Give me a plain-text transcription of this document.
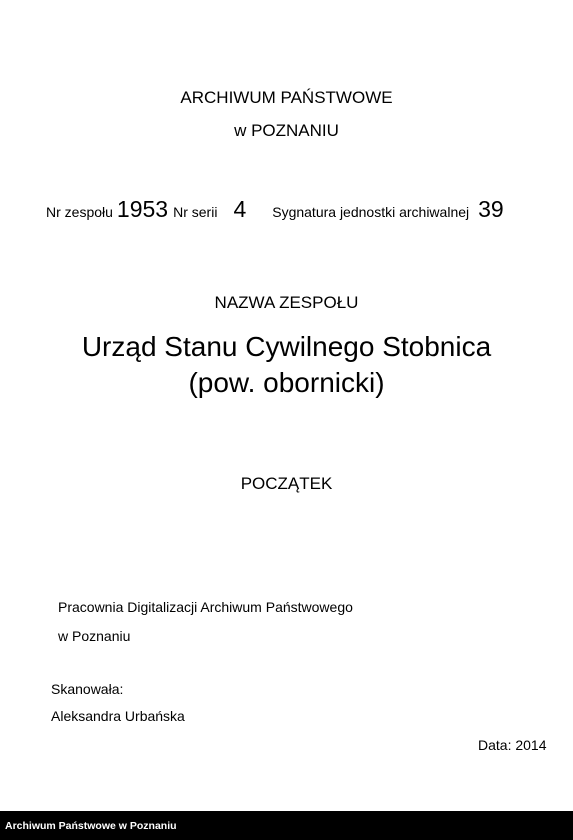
ARCHIWUM PAŃSTWOWE
w POZNANIU
Nr zespołu 1953 Nr serii 4 Sygnatura jednostki archiwalnej 39
NAZWA ZESPOŁU
Urząd Stanu Cywilnego Stobnica
(pow. obornicki)
POCZĄTEK
Pracownia Digitalizacji Archiwum Państwowego
w Poznaniu
Skanowała:
Aleksandra Urbańska
Data: 2014
Archiwum Państwowe w Poznaniu
